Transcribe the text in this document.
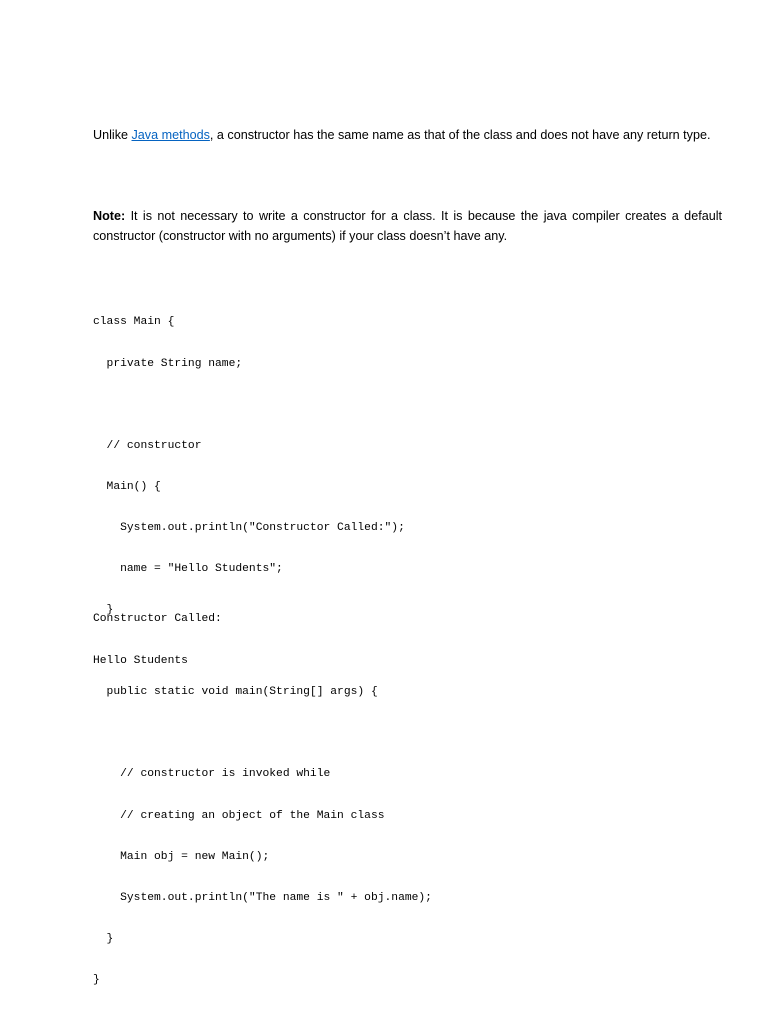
Unlike Java methods, a constructor has the same name as that of the class and does not have any return type.

Note: It is not necessary to write a constructor for a class. It is because the java compiler creates a default constructor (constructor with no arguments) if your class doesn’t have any.

class Main {

private String name;

// constructor

Main() {

System.out.println("Constructor Called:");

name = "Hello Students";

}

public static void main(String[] args) {

// constructor is invoked while

// creating an object of the Main class

Main obj = new Main();

System.out.println("The name is " + obj.name);

}

}

Constructor Called:

Hello Students
